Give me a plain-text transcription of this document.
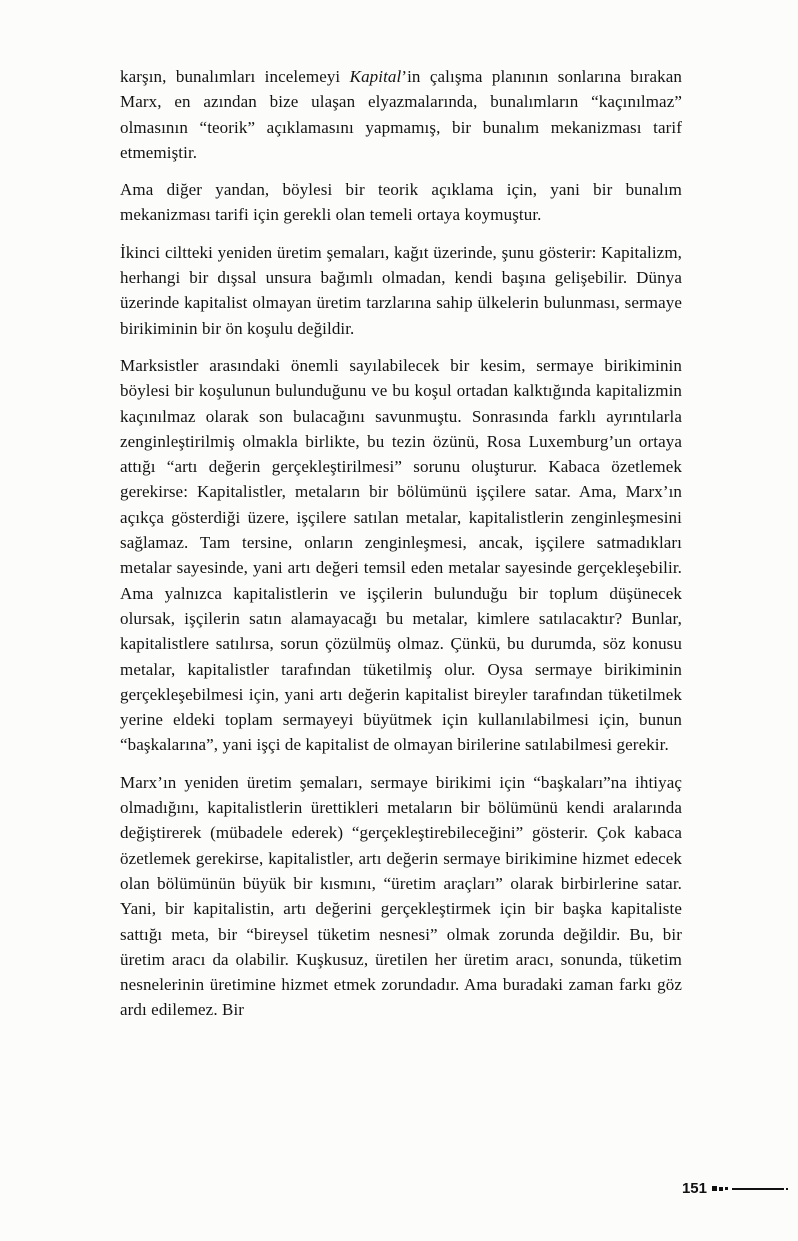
karşın, bunalımları incelemeyi Kapital’in çalışma planının sonlarına bırakan Marx, en azından bize ulaşan elyazmalarında, bunalımların “kaçınılmaz” olmasının “teorik” açıklamasını yapmamış, bir bunalım mekanizması tarif etmemiştir.

Ama diğer yandan, böylesi bir teorik açıklama için, yani bir bunalım mekanizması tarifi için gerekli olan temeli ortaya koymuştur.

İkinci ciltteki yeniden üretim şemaları, kağıt üzerinde, şunu gösterir: Kapitalizm, herhangi bir dışsal unsura bağımlı olmadan, kendi başına gelişebilir. Dünya üzerinde kapitalist olmayan üretim tarzlarına sahip ülkelerin bulunması, sermaye birikiminin bir ön koşulu değildir.

Marksistler arasındaki önemli sayılabilecek bir kesim, sermaye birikiminin böylesi bir koşulunun bulunduğunu ve bu koşul ortadan kalktığında kapitalizmin kaçınılmaz olarak son bulacağını savunmuştu. Sonrasında farklı ayrıntılarla zenginleştirilmiş olmakla birlikte, bu tezin özünü, Rosa Luxemburg’un ortaya attığı “artı değerin gerçekleştirilmesi” sorunu oluşturur. Kabaca özetlemek gerekirse: Kapitalistler, metaların bir bölümünü işçilere satar. Ama, Marx’ın açıkça gösterdiği üzere, işçilere satılan metalar, kapitalistlerin zenginleşmesini sağlamaz. Tam tersine, onların zenginleşmesi, ancak, işçilere satmadıkları metalar sayesinde, yani artı değeri temsil eden metalar sayesinde gerçekleşebilir. Ama yalnızca kapitalistlerin ve işçilerin bulunduğu bir toplum düşünecek olursak, işçilerin satın alamayacağı bu metalar, kimlere satılacaktır? Bunlar, kapitalistlere satılırsa, sorun çözülmüş olmaz. Çünkü, bu durumda, söz konusu metalar, kapitalistler tarafından tüketilmiş olur. Oysa sermaye birikiminin gerçekleşebilmesi için, yani artı değerin kapitalist bireyler tarafından tüketilmek yerine eldeki toplam sermayeyi büyütmek için kullanılabilmesi için, bunun “başkalarına”, yani işçi de kapitalist de olmayan birilerine satılabilmesi gerekir.

Marx’ın yeniden üretim şemaları, sermaye birikimi için “başkaları”na ihtiyaç olmadığını, kapitalistlerin ürettikleri metaların bir bölümünü kendi aralarında değiştirerek (mübadele ederek) “gerçekleştirebileceğini” gösterir. Çok kabaca özetlemek gerekirse, kapitalistler, artı değerin sermaye birikimine hizmet edecek olan bölümünün büyük bir kısmını, “üretim araçları” olarak birbirlerine satar. Yani, bir kapitalistin, artı değerini gerçekleştirmek için bir başka kapitaliste sattığı meta, bir “bireysel tüketim nesnesi” olmak zorunda değildir. Bu, bir üretim aracı da olabilir. Kuşkusuz, üretilen her üretim aracı, sonunda, tüketim nesnelerinin üretimine hizmet etmek zorundadır. Ama buradaki zaman farkı göz ardı edilemez. Bir

151
